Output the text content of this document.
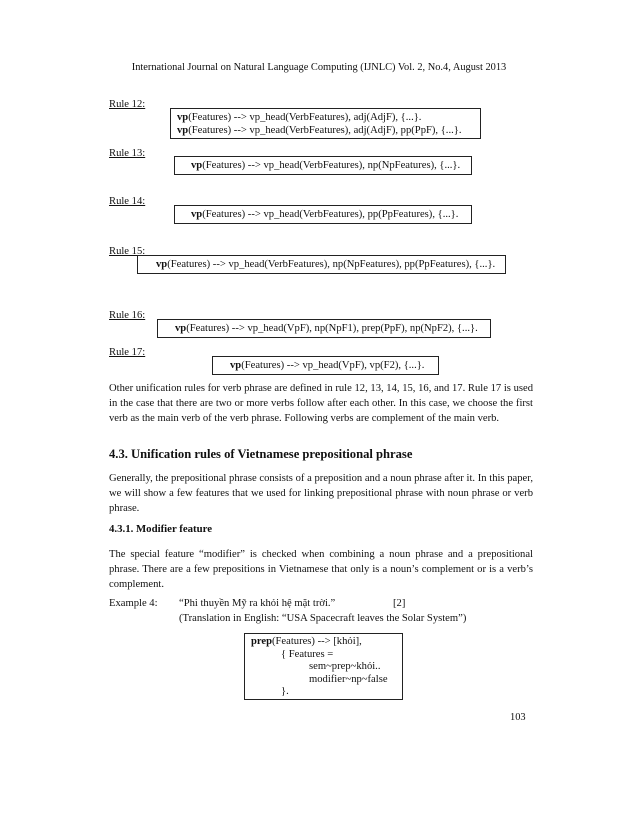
International Journal on Natural Language Computing (IJNLC) Vol. 2, No.4, August 2013
Rule 12:
vp(Features) --> vp_head(VerbFeatures), adj(AdjF), {...}.
vp(Features) --> vp_head(VerbFeatures), adj(AdjF), pp(PpF), {...}.
Rule 13:
vp(Features) --> vp_head(VerbFeatures), np(NpFeatures), {...}.
Rule 14:
vp(Features) --> vp_head(VerbFeatures), pp(PpFeatures), {...}.
Rule 15:
vp(Features) --> vp_head(VerbFeatures), np(NpFeatures), pp(PpFeatures), {...}.
Rule 16:
vp(Features) --> vp_head(VpF), np(NpF1), prep(PpF), np(NpF2), {...}.
Rule 17:
vp(Features) --> vp_head(VpF), vp(F2), {...}.
Other unification rules for verb phrase are defined in rule 12, 13, 14, 15, 16, and 17. Rule 17 is used in the case that there are two or more verbs follow after each other. In this case, we choose the first verb as the main verb of the verb phrase. Following verbs are complement of the main verb.
4.3. Unification rules of Vietnamese prepositional phrase
Generally, the prepositional phrase consists of a preposition and a noun phrase after it. In this paper, we will show a few features that we used for linking prepositional phrase with noun phrase or verb phrase.
4.3.1. Modifier feature
The special feature “modifier” is checked when combining a noun phrase and a prepositional phrase. There are a few prepositions in Vietnamese that only is a noun’s complement or is a verb’s complement.
Example 4: “Phi thuyền Mỹ ra khỏi hệ mặt trời.”	[2]
(Translation in English: “USA Spacecraft leaves the Solar System”)
prep(Features) --> [khỏi],
{ Features =
sem~prep~khỏi..
modifier~np~false
}.
103
